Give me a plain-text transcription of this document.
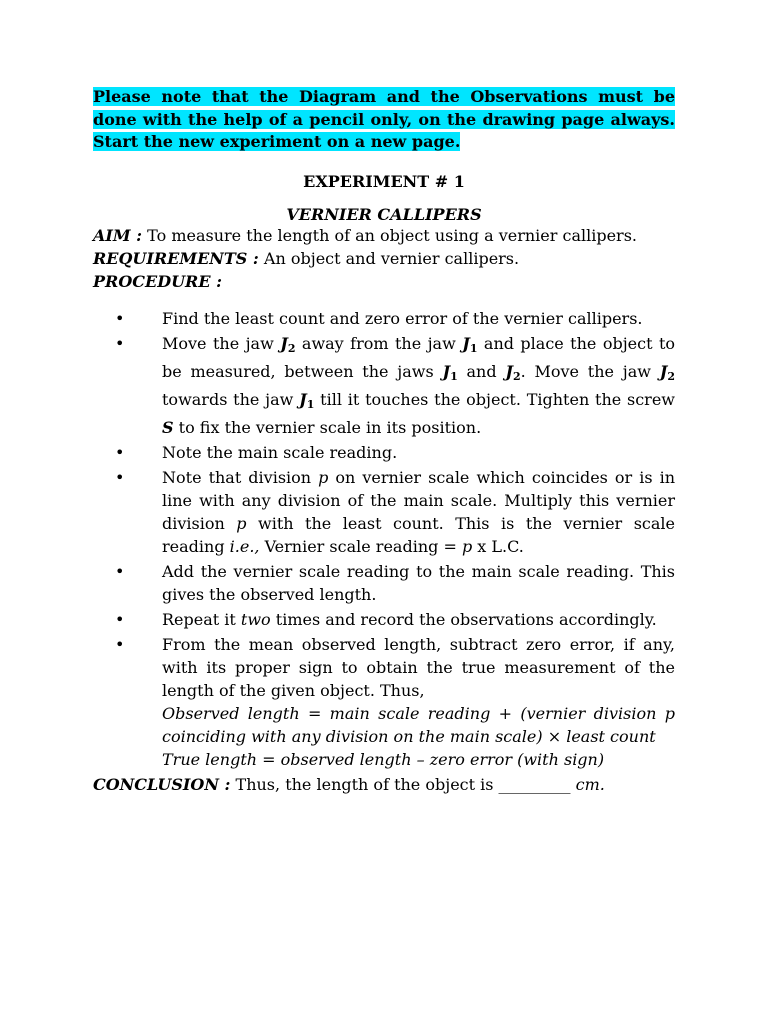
Please note that the Diagram and the Observations must be done with the help of a pencil only, on the drawing page always. Start the new experiment on a new page.

EXPERIMENT # 1

VERNIER CALLIPERS

AIM : To measure the length of an object using a vernier callipers.

REQUIREMENTS : An object and vernier callipers.

PROCEDURE :

• Find the least count and zero error of the vernier callipers.
• Move the jaw $J_2$ away from the jaw $J_1$ and place the object to be measured, between the jaws $J_1$ and $J_2$. Move the jaw $J_2$ towards the jaw $J_1$ till it touches the object. Tighten the screw S to fix the vernier scale in its position.
• Note the main scale reading.
• Note that division p on vernier scale which coincides or is in line with any division of the main scale. Multiply this vernier division p with the least count. This is the vernier scale reading i.e., Vernier scale reading = p x L.C.
• Add the vernier scale reading to the main scale reading. This gives the observed length.
• Repeat it two times and record the observations accordingly.
• From the mean observed length, subtract zero error, if any, with its proper sign to obtain the true measurement of the length of the given object. Thus,
Observed length = main scale reading + (vernier division p coinciding with any division on the main scale) × least count
True length = observed length – zero error (with sign)

CONCLUSION : Thus, the length of the object is _________ cm.
